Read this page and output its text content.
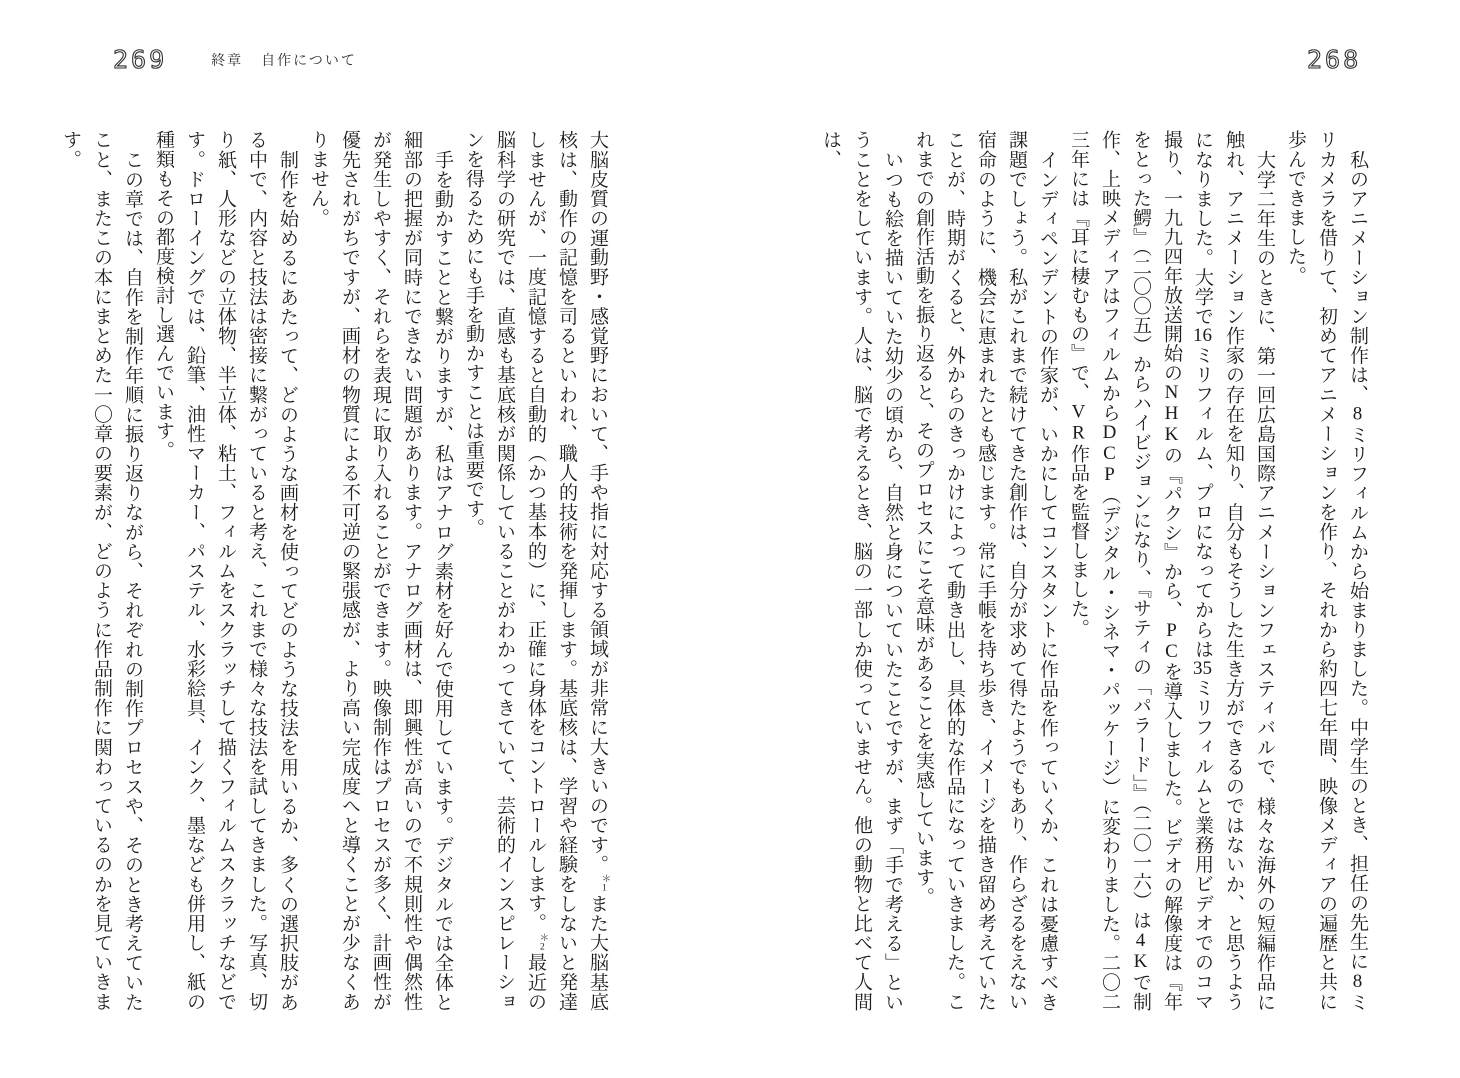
269	終章 自作について	268

私のアニメーション制作は、8ミリフィルムから始まりました。中学生のとき、担任の先生に8ミリカメラを借りて、初めてアニメーションを作り、それから約四七年間、映像メディアの遍歴と共に歩んできました。

大学二年生のときに、第一回広島国際アニメーションフェスティバルで、様々な海外の短編作品に触れ、アニメーション作家の存在を知り、自分もそうした生き方ができるのではないか、と思うようになりました。大学で16ミリフィルム、プロになってからは35ミリフィルムと業務用ビデオでのコマ撮り、一九九四年放送開始のNHKの『パクシ』から、PCを導入しました。ビデオの解像度は『年をとった鰐』（二〇〇五）からハイビジョンになり、『サティの「パラード」』（二〇一六）は4Kで制作、上映メディアはフィルムからDCP（デジタル・シネマ・パッケージ）に変わりました。二〇二三年には『耳に棲むもの』で、VR作品を監督しました。

インディペンデントの作家が、いかにしてコンスタントに作品を作っていくか、これは憂慮すべき課題でしょう。私がこれまで続けてきた創作は、自分が求めて得たようでもあり、作らざるをえない宿命のように、機会に恵まれたとも感じます。常に手帳を持ち歩き、イメージを描き留め考えていたことが、時期がくると、外からのきっかけによって動き出し、具体的な作品になっていきました。これまでの創作活動を振り返ると、そのプロセスにこそ意味があることを実感しています。

いつも絵を描いていた幼少の頃から、自然と身についていたことですが、まず「手で考える」ということをしています。人は、脳で考えるとき、脳の一部しか使っていません。他の動物と比べて人間は、

大脳皮質の運動野・感覚野において、手や指に対応する領域が非常に大きいのです。$^{*1}$また大脳基底核は、動作の記憶を司るといわれ、職人的技術を発揮します。基底核は、学習や経験をしないと発達しませんが、一度記憶すると自動的（かつ基本的）に、正確に身体をコントロールします。$^{*2}$最近の脳科学の研究では、直感も基底核が関係していることがわかってきていて、芸術的インスピレーションを得るためにも手を動かすことは重要です。

手を動かすことと繋がりますが、私はアナログ素材を好んで使用しています。デジタルでは全体と細部の把握が同時にできない問題があります。アナログ画材は、即興性が高いので不規則性や偶然性が発生しやすく、それらを表現に取り入れることができます。映像制作はプロセスが多く、計画性が優先されがちですが、画材の物質による不可逆の緊張感が、より高い完成度へと導くことが少なくありません。

制作を始めるにあたって、どのような画材を使ってどのような技法を用いるか、多くの選択肢がある中で、内容と技法は密接に繋がっていると考え、これまで様々な技法を試してきました。写真、切り紙、人形などの立体物、半立体、粘土、フィルムをスクラッチして描くフィルムスクラッチなどです。ドローイングでは、鉛筆、油性マーカー、パステル、水彩絵具、インク、墨なども併用し、紙の種類もその都度検討し選んでいます。

この章では、自作を制作年順に振り返りながら、それぞれの制作プロセスや、そのとき考えていたこと、またこの本にまとめた一〇章の要素が、どのように作品制作に関わっているのかを見ていきます。
